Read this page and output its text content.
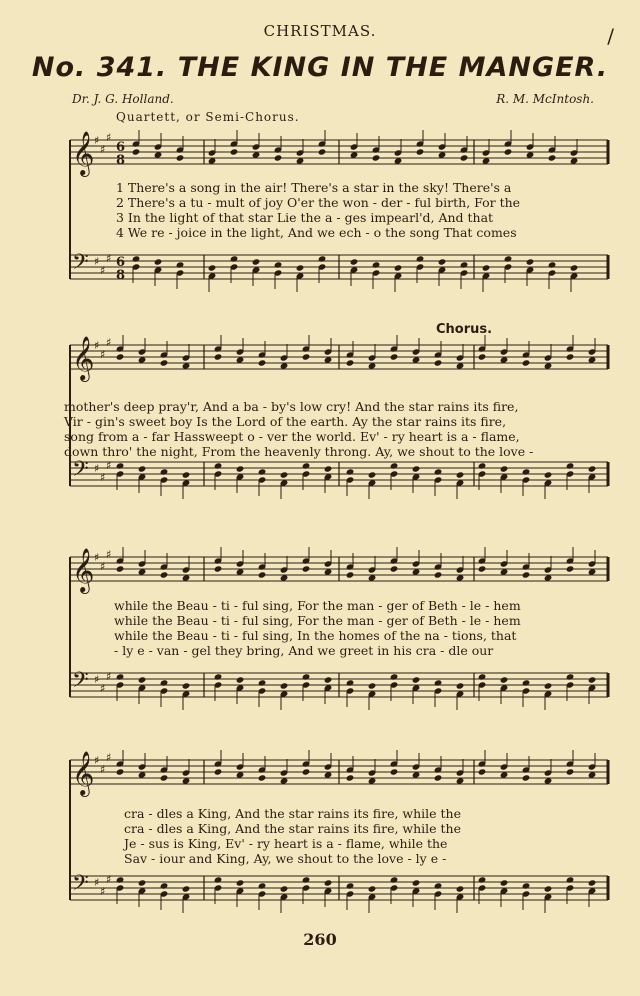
CHRISTMAS.	/
No. 341. THE KING IN THE MANGER.
Dr. J. G. Holland.	R. M. McIntosh.
Quartett, or Semi-Chorus.
Chorus.
𝄞 ♯
♯
♯
6
8
𝄢 ♯
♯
♯ 6
8
1 There's a song in the air! There's a star in the sky! There's a
2 There's a tu - mult of joy O'er the won - der - ful birth, For the
3 In the light of that star Lie the a - ges impearl'd, And that
4 We re - joice in the light, And we ech - o the song That comes
𝄞 ♯
♯
♯
𝄢 ♯
♯
♯
mother's deep pray'r, And a ba - by's low cry! And the star rains its fire,
Vir - gin's sweet boy Is the Lord of the earth. Ay the star rains its fire,
song from a - far Hassweept o - ver the world. Ev' - ry heart is a - flame,
down thro' the night, From the heavenly throng. Ay, we shout to the love -
𝄞 ♯
♯
♯
𝄢 ♯
♯
♯
while the Beau - ti - ful sing, For the man - ger of Beth - le - hem
while the Beau - ti - ful sing, For the man - ger of Beth - le - hem
while the Beau - ti - ful sing, In the homes of the na - tions, that
- ly e - van - gel they bring, And we greet in his cra - dle our
𝄞 ♯
♯
♯
𝄢 ♯
♯
♯
cra - dles a King, And the star rains its fire, while the
cra - dles a King, And the star rains its fire, while the
Je - sus is King, Ev' - ry heart is a - flame, while the
Sav - iour and King, Ay, we shout to the love - ly e -
260
